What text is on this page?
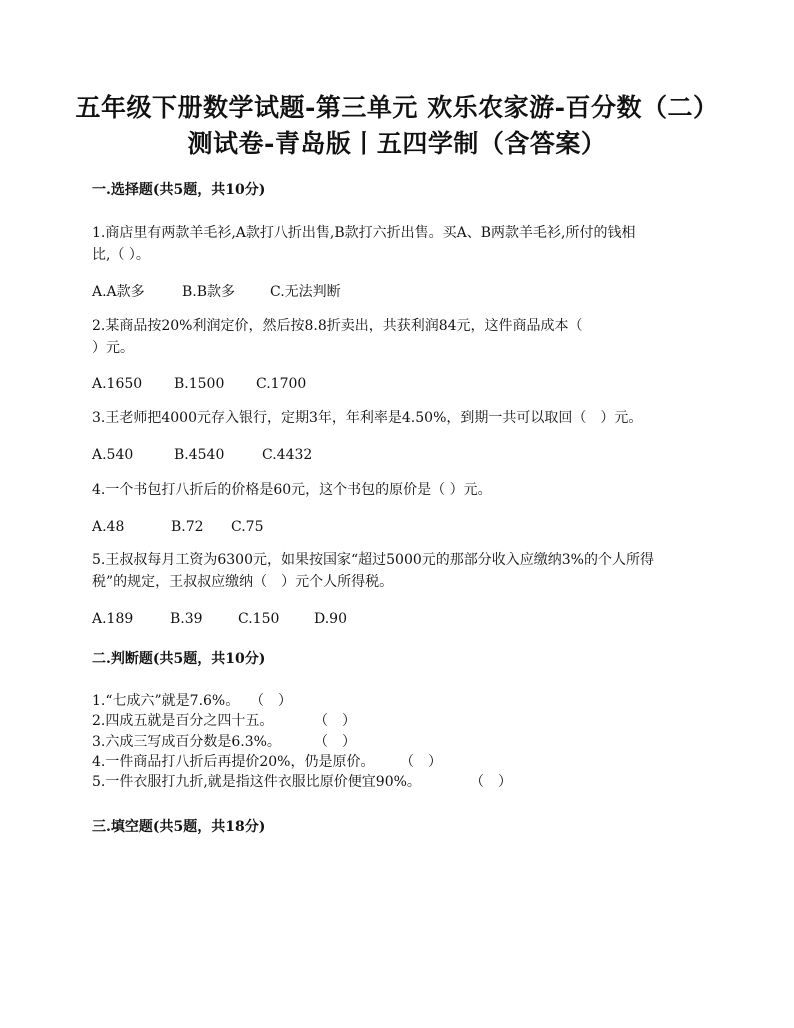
五年级下册数学试题-第三单元 欢乐农家游-百分数（二）
测试卷-青岛版丨五四学制（含答案）
一.选择题(共5题，共10分)
1.商店里有两款羊毛衫,A款打八折出售,B款打六折出售。买A、B两款羊毛衫,所付的钱相
比,（ ）。
A.A款多	B.B款多 C.无法判断
2.某商品按20%利润定价，然后按8.8折卖出，共获利润84元，这件商品成本（
）元。
A.1650 B.1500 C.1700
3.王老师把4000元存入银行，定期3年，年利率是4.50%，到期一共可以取回（　）元。
A.540	B.4540	C.4432
4.一个书包打八折后的价格是60元，这个书包的原价是（ ）元。
A.48	B.72 C.75
5.王叔叔每月工资为6300元，如果按国家“超过5000元的那部分收入应缴纳3%的个人所得
税”的规定，王叔叔应缴纳（　）元个人所得税。
A.189	B.39	C.150 D.90
二.判断题(共5题，共10分)
1.“七成六”就是7.6%。 （　）
2.四成五就是百分之四十五。	（　）
3.六成三写成百分数是6.3%。 （　）
4.一件商品打八折后再提价20%，仍是原价。 （　）
5.一件衣服打九折,就是指这件衣服比原价便宜90%。	（　）
三.填空题(共5题，共18分)
